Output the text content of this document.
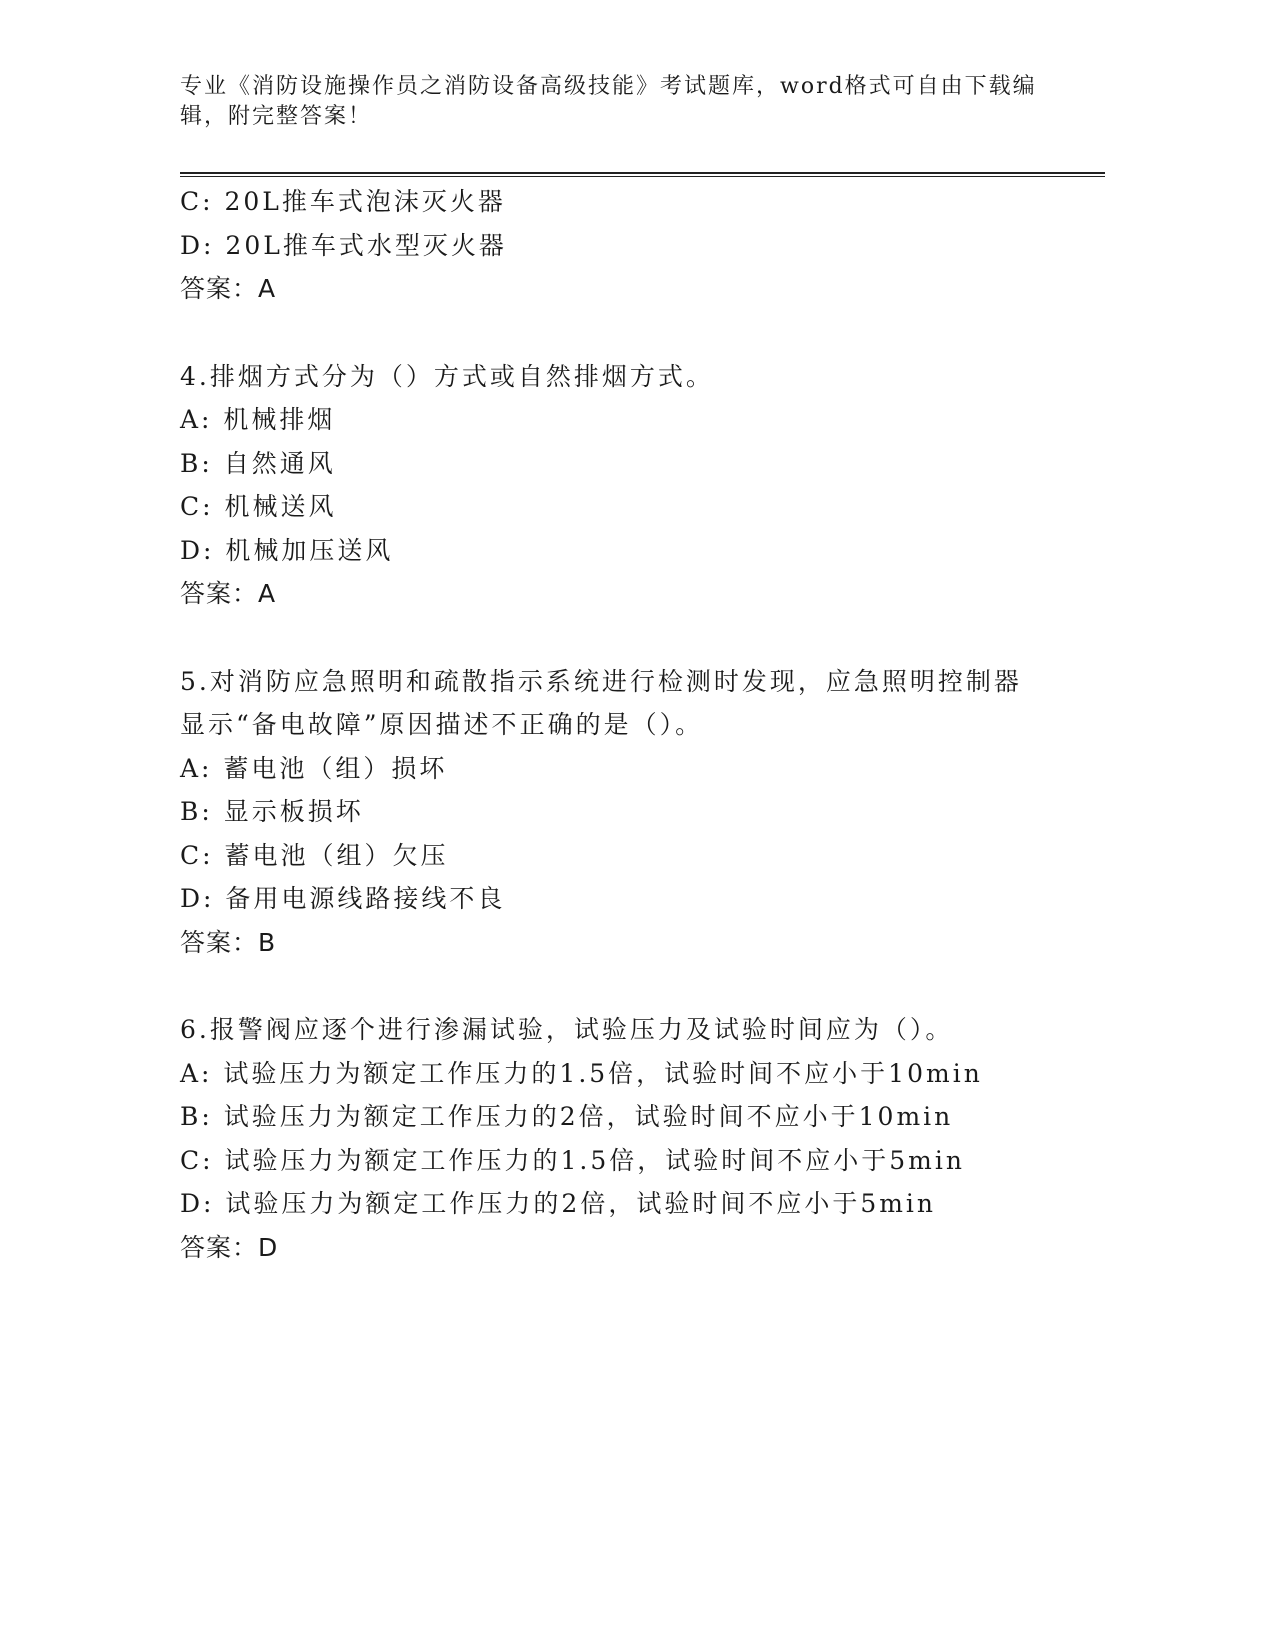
专业《消防设施操作员之消防设备高级技能》考试题库，word格式可自由下载编辑，附完整答案！
C: 20L推车式泡沫灭火器
D: 20L推车式水型灭火器
答案：A
4.排烟方式分为（）方式或自然排烟方式。
A: 机械排烟
B: 自然通风
C: 机械送风
D: 机械加压送风
答案：A
5.对消防应急照明和疏散指示系统进行检测时发现，应急照明控制器
显示“备电故障”原因描述不正确的是（）。
A: 蓄电池（组）损坏
B: 显示板损坏
C: 蓄电池（组）欠压
D: 备用电源线路接线不良
答案：B
6.报警阀应逐个进行渗漏试验，试验压力及试验时间应为（）。
A: 试验压力为额定工作压力的1.5倍，试验时间不应小于10min
B: 试验压力为额定工作压力的2倍，试验时间不应小于10min
C: 试验压力为额定工作压力的1.5倍，试验时间不应小于5min
D: 试验压力为额定工作压力的2倍，试验时间不应小于5min
答案：D
